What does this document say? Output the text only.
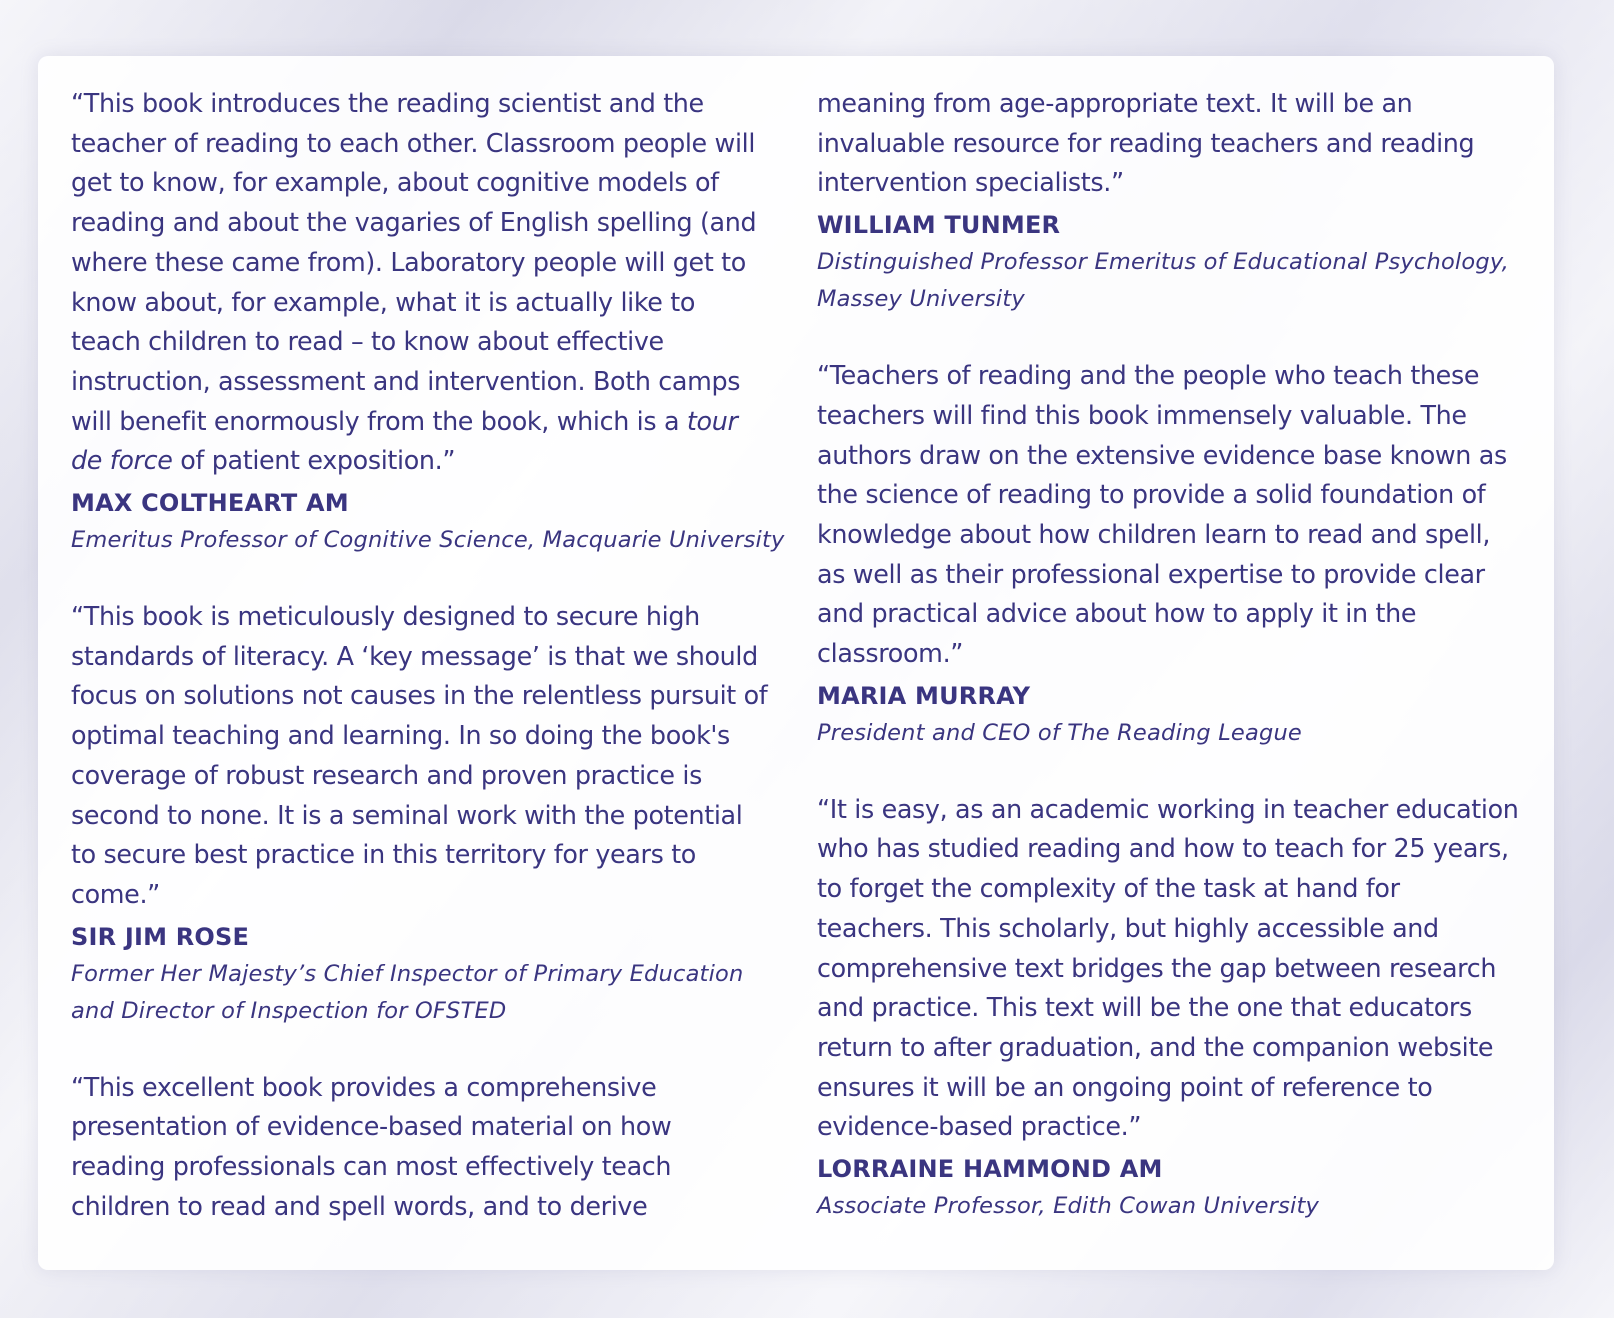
“This book introduces the reading scientist and the teacher of reading to each other. Classroom people will get to know, for example, about cognitive models of reading and about the vagaries of English spelling (and where these came from). Laboratory people will get to know about, for example, what it is actually like to teach children to read – to know about effective instruction, assessment and intervention. Both camps will benefit enormously from the book, which is a tour de force of patient exposition.”

MAX COLTHEART AM

Emeritus Professor of Cognitive Science, Macquarie University

“This book is meticulously designed to secure high standards of literacy. A ‘key message’ is that we should focus on solutions not causes in the relentless pursuit of optimal teaching and learning. In so doing the book's coverage of robust research and proven practice is second to none. It is a seminal work with the potential to secure best practice in this territory for years to come.”

SIR JIM ROSE

Former Her Majesty’s Chief Inspector of Primary Education

and Director of Inspection for OFSTED

“This excellent book provides a comprehensive presentation of evidence-based material on how reading professionals can most effectively teach children to read and spell words, and to derive

meaning from age-appropriate text. It will be an invaluable resource for reading teachers and reading intervention specialists.”

WILLIAM TUNMER

Distinguished Professor Emeritus of Educational Psychology,

Massey University

“Teachers of reading and the people who teach these teachers will find this book immensely valuable. The authors draw on the extensive evidence base known as the science of reading to provide a solid foundation of knowledge about how children learn to read and spell, as well as their professional expertise to provide clear and practical advice about how to apply it in the classroom.”

MARIA MURRAY

President and CEO of The Reading League

“It is easy, as an academic working in teacher education who has studied reading and how to teach for 25 years, to forget the complexity of the task at hand for teachers. This scholarly, but highly accessible and comprehensive text bridges the gap between research and practice. This text will be the one that educators return to after graduation, and the companion website ensures it will be an ongoing point of reference to evidence-based practice.”

LORRAINE HAMMOND AM

Associate Professor, Edith Cowan University
